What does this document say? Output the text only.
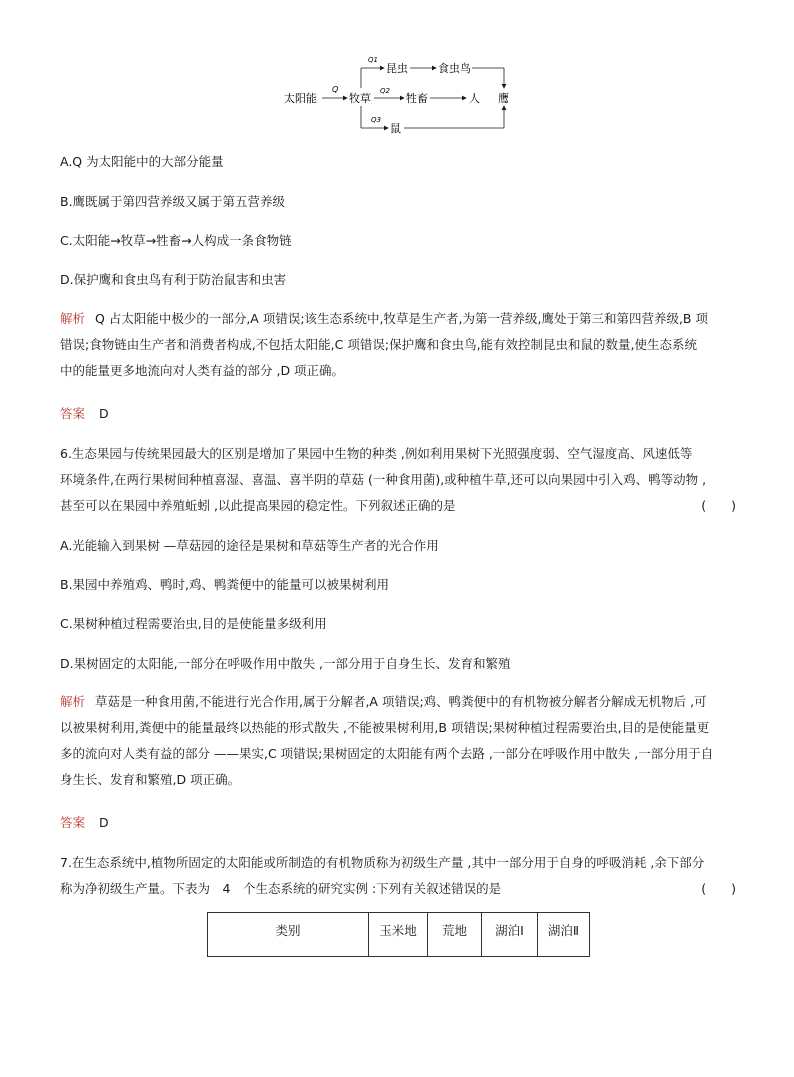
太阳能
Q
牧草
Q1
Q2
Q3
昆虫	食虫鸟
牲畜	人 鹰
鼠
A.Q 为太阳能中的大部分能量
B.鹰既属于第四营养级又属于第五营养级
C.太阳能→牧草→牲畜→人构成一条食物链
D.保护鹰和食虫鸟有利于防治鼠害和虫害
解析 Q 占太阳能中极少的一部分,A 项错误;该生态系统中,牧草是生产者,为第一营养级,鹰处于第三和第四营养级,B 项
错误;食物链由生产者和消费者构成,不包括太阳能,C 项错误;保护鹰和食虫鸟,能有效控制昆虫和鼠的数量,使生态系统
中的能量更多地流向对人类有益的部分 ,D 项正确。
答案 D
6.生态果园与传统果园最大的区别是增加了果园中生物的种类 ,例如利用果树下光照强度弱、空气湿度高、风速低等
环境条件,在两行果树间种植喜湿、喜温、喜半阴的草菇 (一种食用菌),或种植牛草,还可以向果园中引入鸡、鸭等动物 ,
甚至可以在果园中养殖蚯蚓 ,以此提高果园的稳定性。下列叙述正确的是	(　　)
A.光能输入到果树 —草菇园的途径是果树和草菇等生产者的光合作用
B.果园中养殖鸡、鸭时,鸡、鸭粪便中的能量可以被果树利用
C.果树种植过程需要治虫,目的是使能量多级利用
D.果树固定的太阳能,一部分在呼吸作用中散失 ,一部分用于自身生长、发育和繁殖
解析 草菇是一种食用菌,不能进行光合作用,属于分解者,A 项错误;鸡、鸭粪便中的有机物被分解者分解成无机物后 ,可
以被果树利用,粪便中的能量最终以热能的形式散失 ,不能被果树利用,B 项错误;果树种植过程需要治虫,目的是使能量更
多的流向对人类有益的部分 ——果实,C 项错误;果树固定的太阳能有两个去路 ,一部分在呼吸作用中散失 ,一部分用于自
身生长、发育和繁殖,D 项正确。
答案 D
7.在生态系统中,植物所固定的太阳能或所制造的有机物质称为初级生产量 ,其中一部分用于自身的呼吸消耗 ,余下部分
称为净初级生产量。下表为　4　个生态系统的研究实例 :下列有关叙述错误的是	(　　)
类别	玉米地	荒地	湖泊Ⅰ	湖泊Ⅱ
